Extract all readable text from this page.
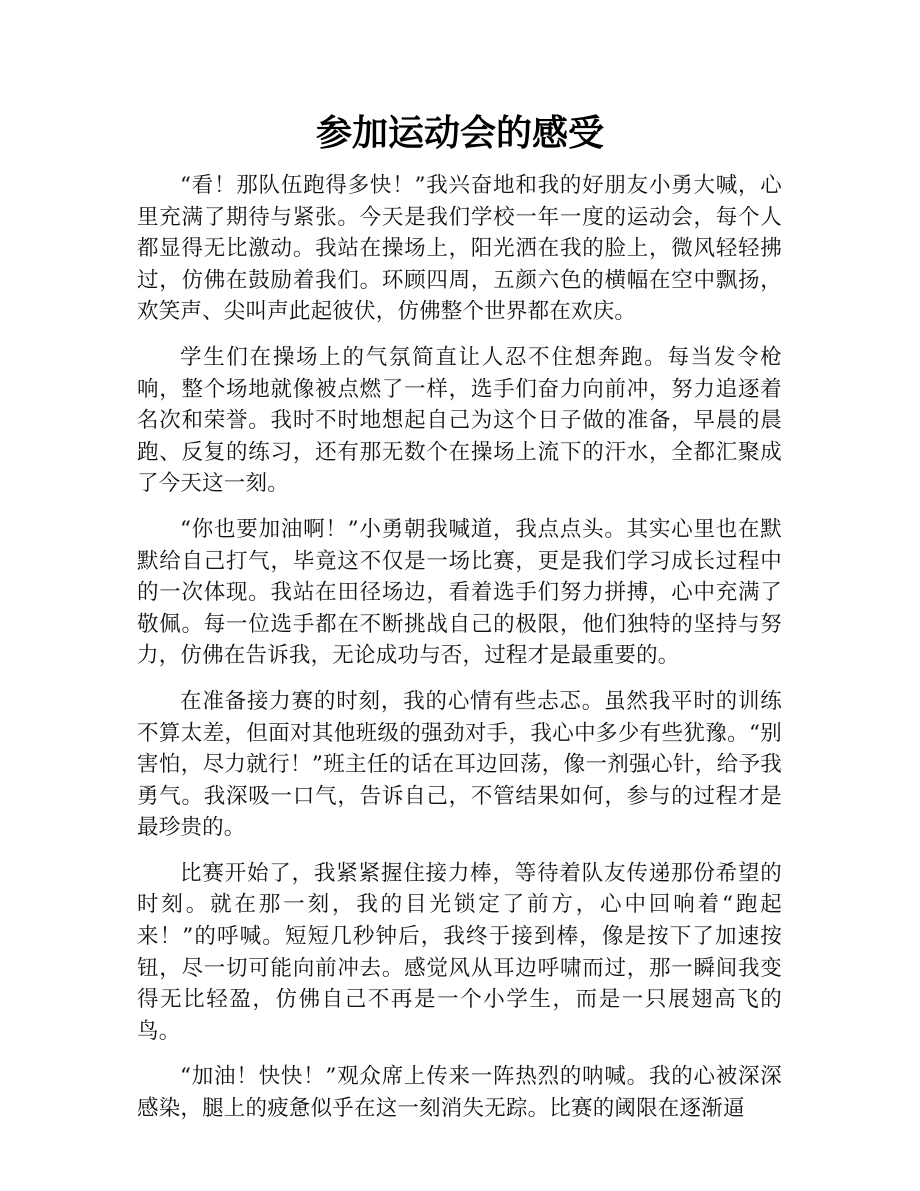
参加运动会的感受

“看！那队伍跑得多快！”我兴奋地和我的好朋友小勇大喊，心里充满了期待与紧张。今天是我们学校一年一度的运动会，每个人都显得无比激动。我站在操场上，阳光洒在我的脸上，微风轻轻拂过，仿佛在鼓励着我们。环顾四周，五颜六色的横幅在空中飘扬，欢笑声、尖叫声此起彼伏，仿佛整个世界都在欢庆。

学生们在操场上的气氛简直让人忍不住想奔跑。每当发令枪响，整个场地就像被点燃了一样，选手们奋力向前冲，努力追逐着名次和荣誉。我时不时地想起自己为这个日子做的准备，早晨的晨跑、反复的练习，还有那无数个在操场上流下的汗水，全都汇聚成了今天这一刻。

“你也要加油啊！”小勇朝我喊道，我点点头。其实心里也在默默给自己打气，毕竟这不仅是一场比赛，更是我们学习成长过程中的一次体现。我站在田径场边，看着选手们努力拼搏，心中充满了敬佩。每一位选手都在不断挑战自己的极限，他们独特的坚持与努力，仿佛在告诉我，无论成功与否，过程才是最重要的。

在准备接力赛的时刻，我的心情有些忐忑。虽然我平时的训练不算太差，但面对其他班级的强劲对手，我心中多少有些犹豫。“别害怕，尽力就行！”班主任的话在耳边回荡，像一剂强心针，给予我勇气。我深吸一口气，告诉自己，不管结果如何，参与的过程才是最珍贵的。

比赛开始了，我紧紧握住接力棒，等待着队友传递那份希望的时刻。就在那一刻，我的目光锁定了前方，心中回响着“跑起来！”的呼喊。短短几秒钟后，我终于接到棒，像是按下了加速按钮，尽一切可能向前冲去。感觉风从耳边呼啸而过，那一瞬间我变得无比轻盈，仿佛自己不再是一个小学生，而是一只展翅高飞的鸟。

“加油！快快！”观众席上传来一阵热烈的呐喊。我的心被深深感染，腿上的疲惫似乎在这一刻消失无踪。比赛的阈限在逐渐逼
